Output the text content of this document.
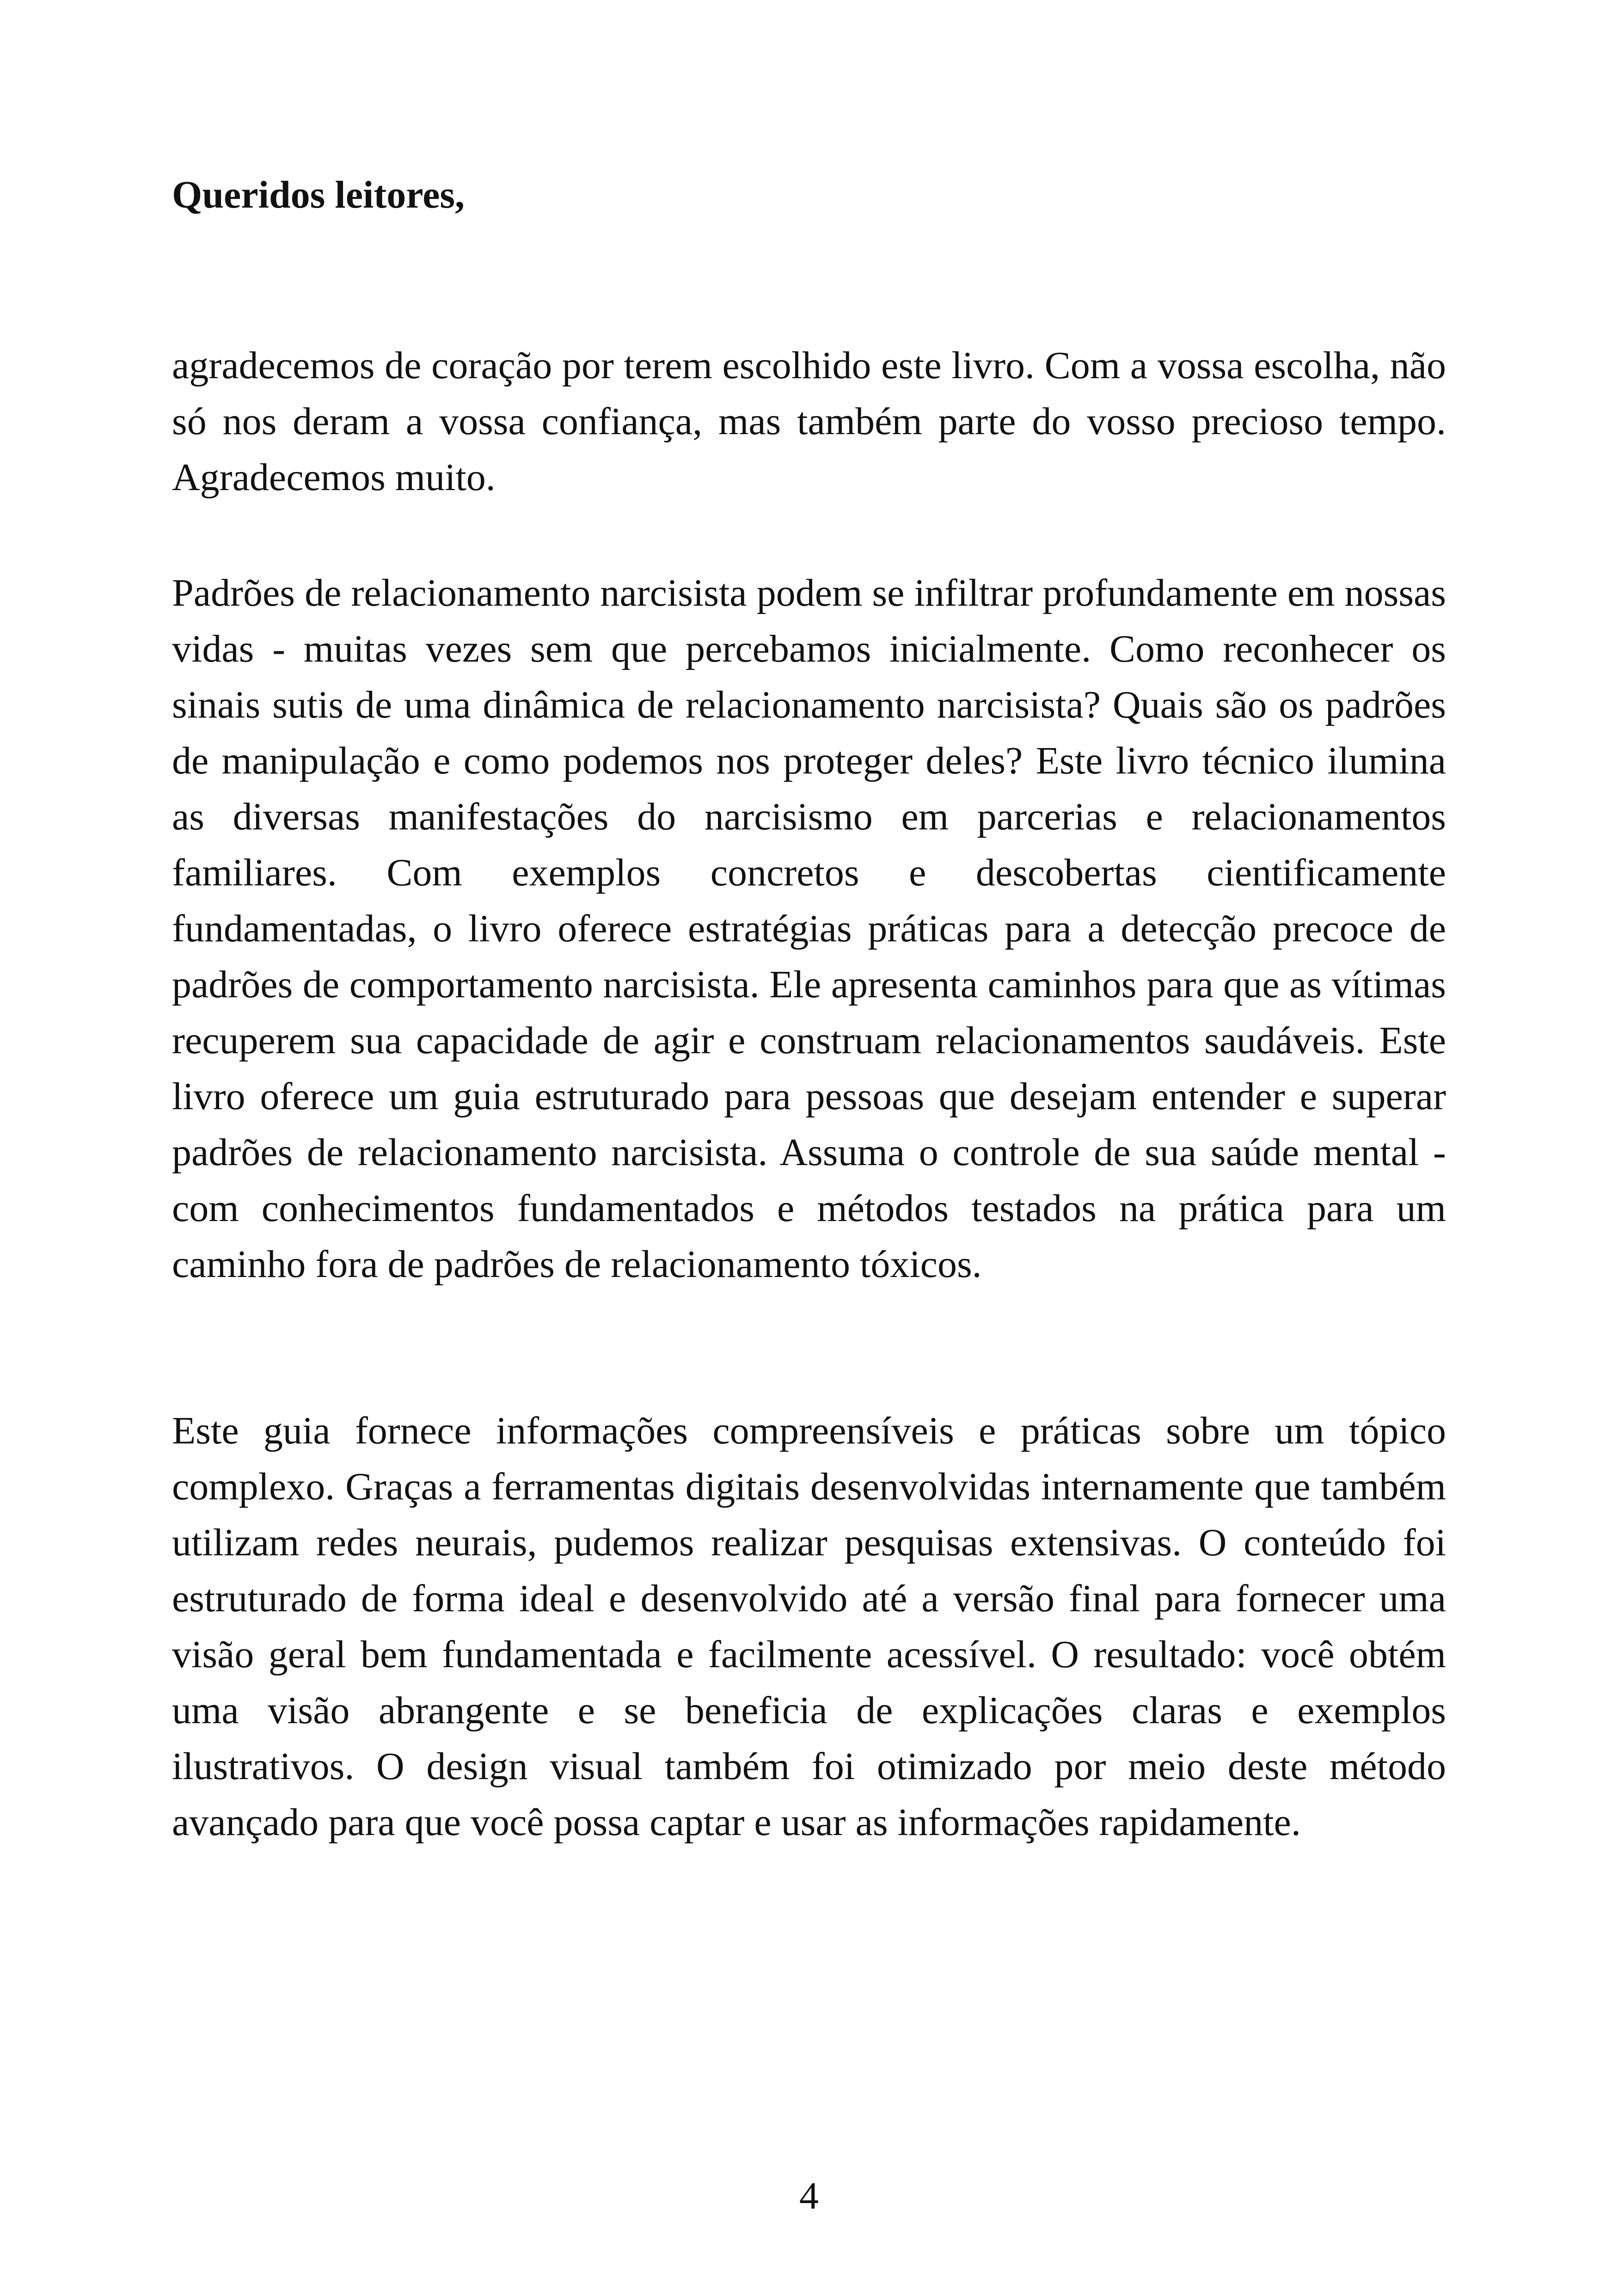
Queridos leitores,

agradecemos de coração por terem escolhido este livro. Com a vossa escolha, não só nos deram a vossa confiança, mas também parte do vosso precioso tempo. Agradecemos muito.

Padrões de relacionamento narcisista podem se infiltrar profundamente em nossas vidas - muitas vezes sem que percebamos inicialmente. Como reconhecer os sinais sutis de uma dinâmica de relacionamento narcisista? Quais são os padrões de manipulação e como podemos nos proteger deles? Este livro técnico ilumina as diversas manifestações do narcisismo em parcerias e relacionamentos familiares. Com exemplos concretos e descobertas cientificamente fundamentadas, o livro oferece estratégias práticas para a detecção precoce de padrões de comportamento narcisista. Ele apresenta caminhos para que as vítimas recuperem sua capacidade de agir e construam relacionamentos saudáveis. Este livro oferece um guia estruturado para pessoas que desejam entender e superar padrões de relacionamento narcisista. Assuma o controle de sua saúde mental - com conhecimentos fundamentados e métodos testados na prática para um caminho fora de padrões de relacionamento tóxicos.

Este guia fornece informações compreensíveis e práticas sobre um tópico complexo. Graças a ferramentas digitais desenvolvidas internamente que também utilizam redes neurais, pudemos realizar pesquisas extensivas. O conteúdo foi estruturado de forma ideal e desenvolvido até a versão final para fornecer uma visão geral bem fundamentada e facilmente acessível. O resultado: você obtém uma visão abrangente e se beneficia de explicações claras e exemplos ilustrativos. O design visual também foi otimizado por meio deste método avançado para que você possa captar e usar as informações rapidamente.

4
